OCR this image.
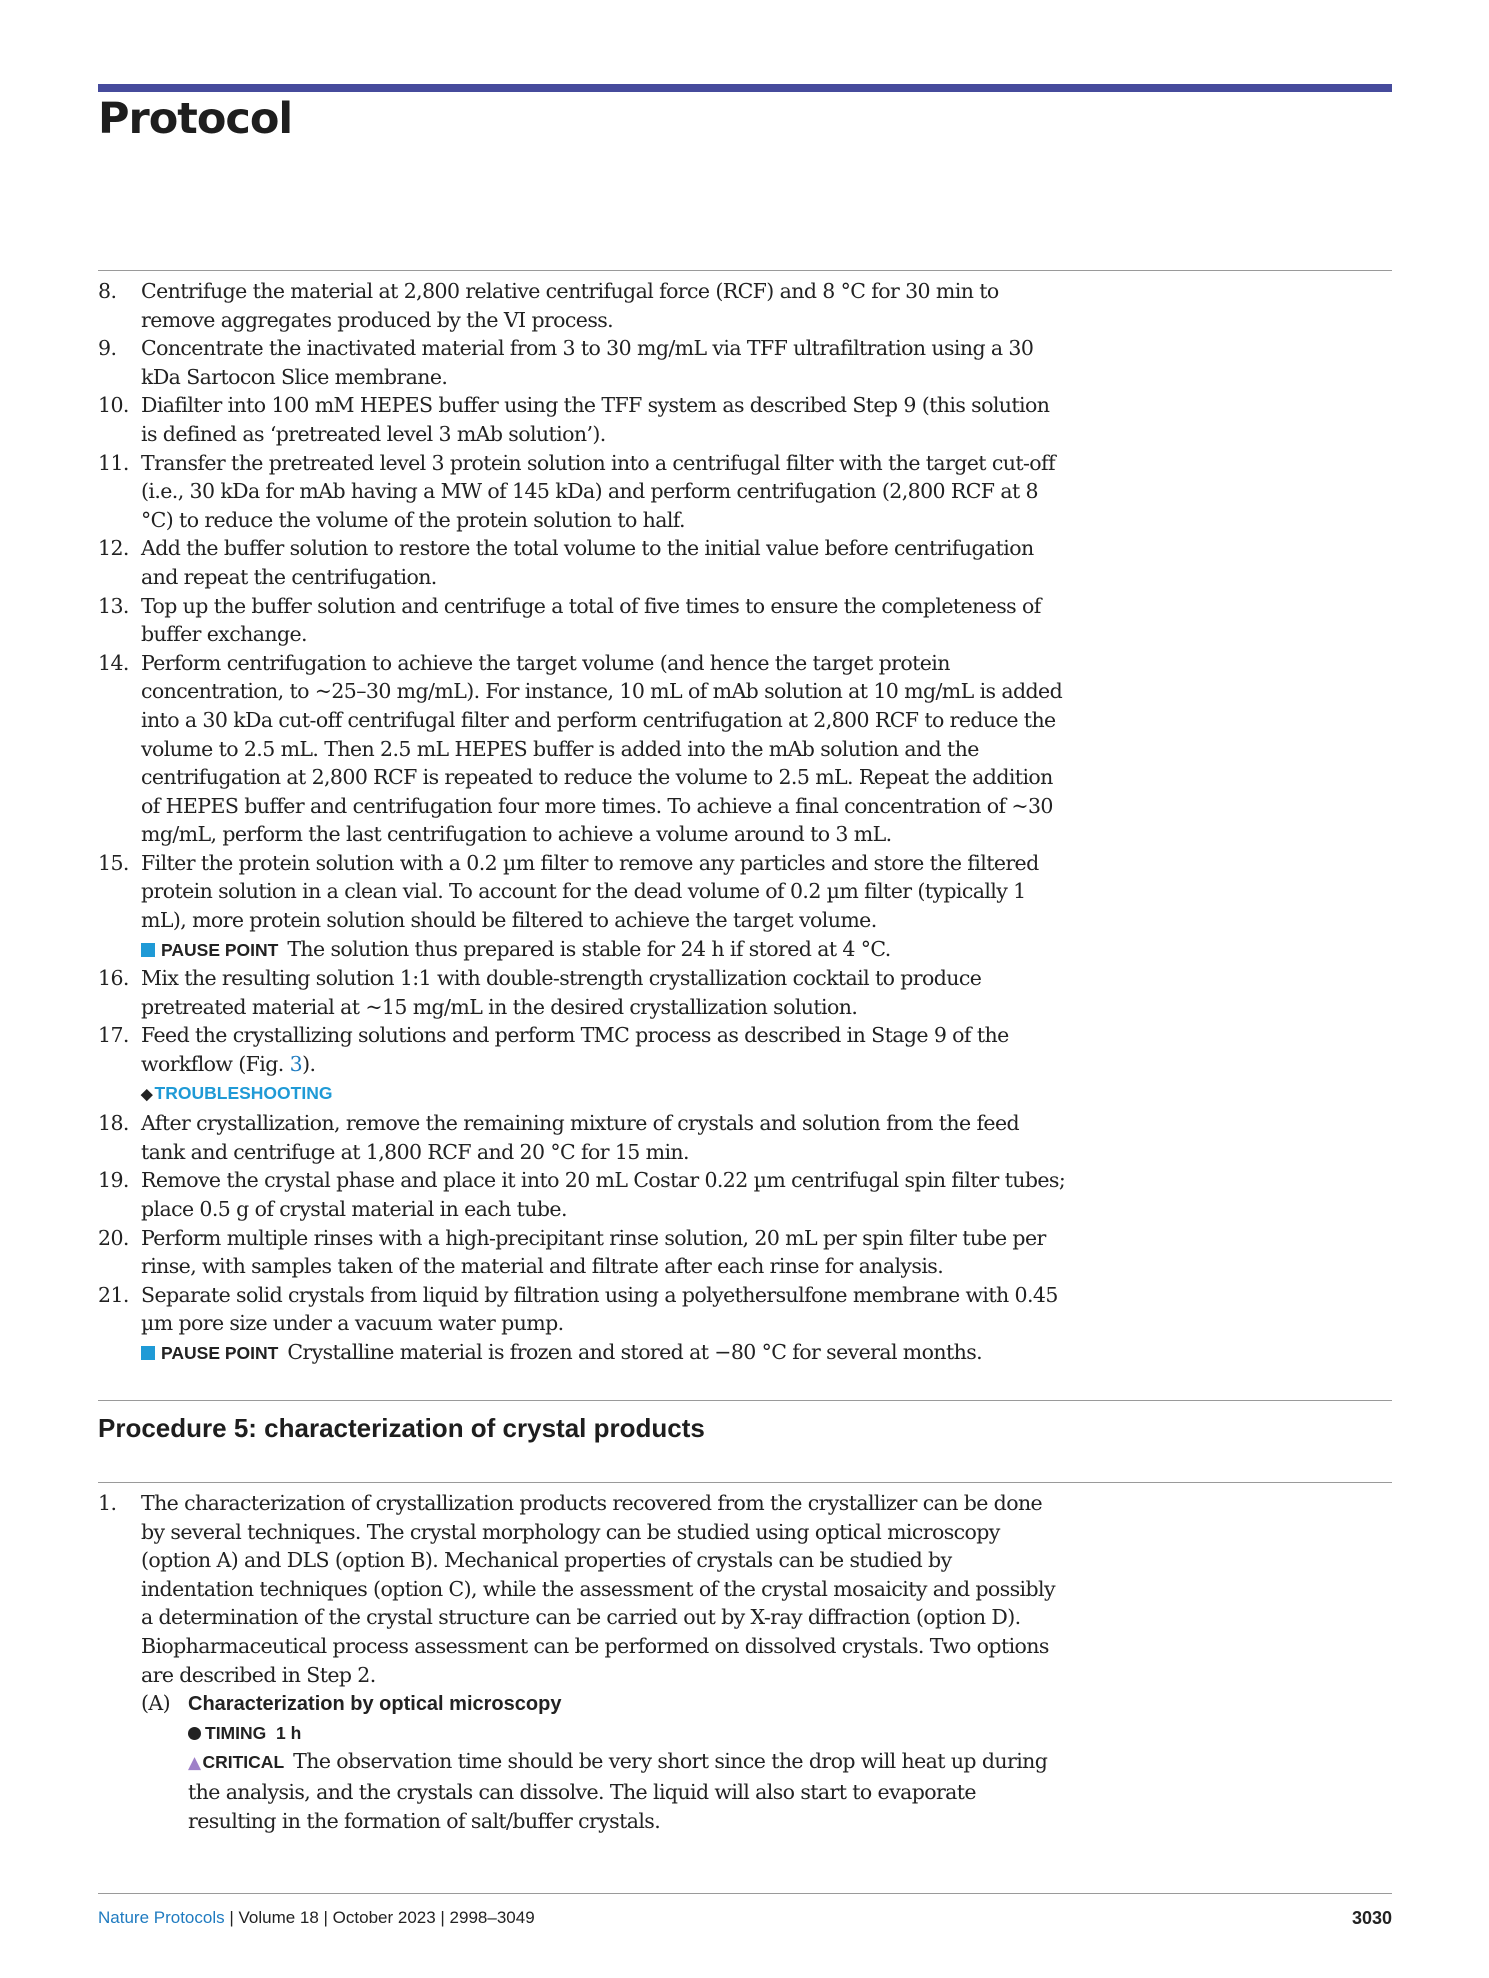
Protocol
8. Centrifuge the material at 2,800 relative centrifugal force (RCF) and 8 °C for 30 min to remove aggregates produced by the VI process.
9. Concentrate the inactivated material from 3 to 30 mg/mL via TFF ultrafiltration using a 30 kDa Sartocon Slice membrane.
10. Diafilter into 100 mM HEPES buffer using the TFF system as described Step 9 (this solution is defined as ‘pretreated level 3 mAb solution’).
11. Transfer the pretreated level 3 protein solution into a centrifugal filter with the target cut-off (i.e., 30 kDa for mAb having a MW of 145 kDa) and perform centrifugation (2,800 RCF at 8 °C) to reduce the volume of the protein solution to half.
12. Add the buffer solution to restore the total volume to the initial value before centrifugation and repeat the centrifugation.
13. Top up the buffer solution and centrifuge a total of five times to ensure the completeness of buffer exchange.
14. Perform centrifugation to achieve the target volume (and hence the target protein concentration, to ~25–30 mg/mL). For instance, 10 mL of mAb solution at 10 mg/mL is added into a 30 kDa cut-off centrifugal filter and perform centrifugation at 2,800 RCF to reduce the volume to 2.5 mL. Then 2.5 mL HEPES buffer is added into the mAb solution and the centrifugation at 2,800 RCF is repeated to reduce the volume to 2.5 mL. Repeat the addition of HEPES buffer and centrifugation four more times. To achieve a final concentration of ~30 mg/mL, perform the last centrifugation to achieve a volume around to 3 mL.
15. Filter the protein solution with a 0.2 µm filter to remove any particles and store the filtered protein solution in a clean vial. To account for the dead volume of 0.2 µm filter (typically 1 mL), more protein solution should be filtered to achieve the target volume.
PAUSE POINT The solution thus prepared is stable for 24 h if stored at 4 °C.
16. Mix the resulting solution 1:1 with double-strength crystallization cocktail to produce pretreated material at ~15 mg/mL in the desired crystallization solution.
17. Feed the crystallizing solutions and perform TMC process as described in Stage 9 of the workflow (Fig. 3).
◆ TROUBLESHOOTING
18. After crystallization, remove the remaining mixture of crystals and solution from the feed tank and centrifuge at 1,800 RCF and 20 °C for 15 min.
19. Remove the crystal phase and place it into 20 mL Costar 0.22 µm centrifugal spin filter tubes; place 0.5 g of crystal material in each tube.
20. Perform multiple rinses with a high-precipitant rinse solution, 20 mL per spin filter tube per rinse, with samples taken of the material and filtrate after each rinse for analysis.
21. Separate solid crystals from liquid by filtration using a polyethersulfone membrane with 0.45 µm pore size under a vacuum water pump.
PAUSE POINT Crystalline material is frozen and stored at −80 °C for several months.
Procedure 5: characterization of crystal products
1. The characterization of crystallization products recovered from the crystallizer can be done by several techniques. The crystal morphology can be studied using optical microscopy (option A) and DLS (option B). Mechanical properties of crystals can be studied by indentation techniques (option C), while the assessment of the crystal mosaicity and possibly a determination of the crystal structure can be carried out by X-ray diffraction (option D). Biopharmaceutical process assessment can be performed on dissolved crystals. Two options are described in Step 2.
(A) Characterization by optical microscopy
TIMING 1 h
▲ CRITICAL The observation time should be very short since the drop will heat up during the analysis, and the crystals can dissolve. The liquid will also start to evaporate resulting in the formation of salt/buffer crystals.
Nature Protocols | Volume 18 | October 2023 | 2998–3049	3030
